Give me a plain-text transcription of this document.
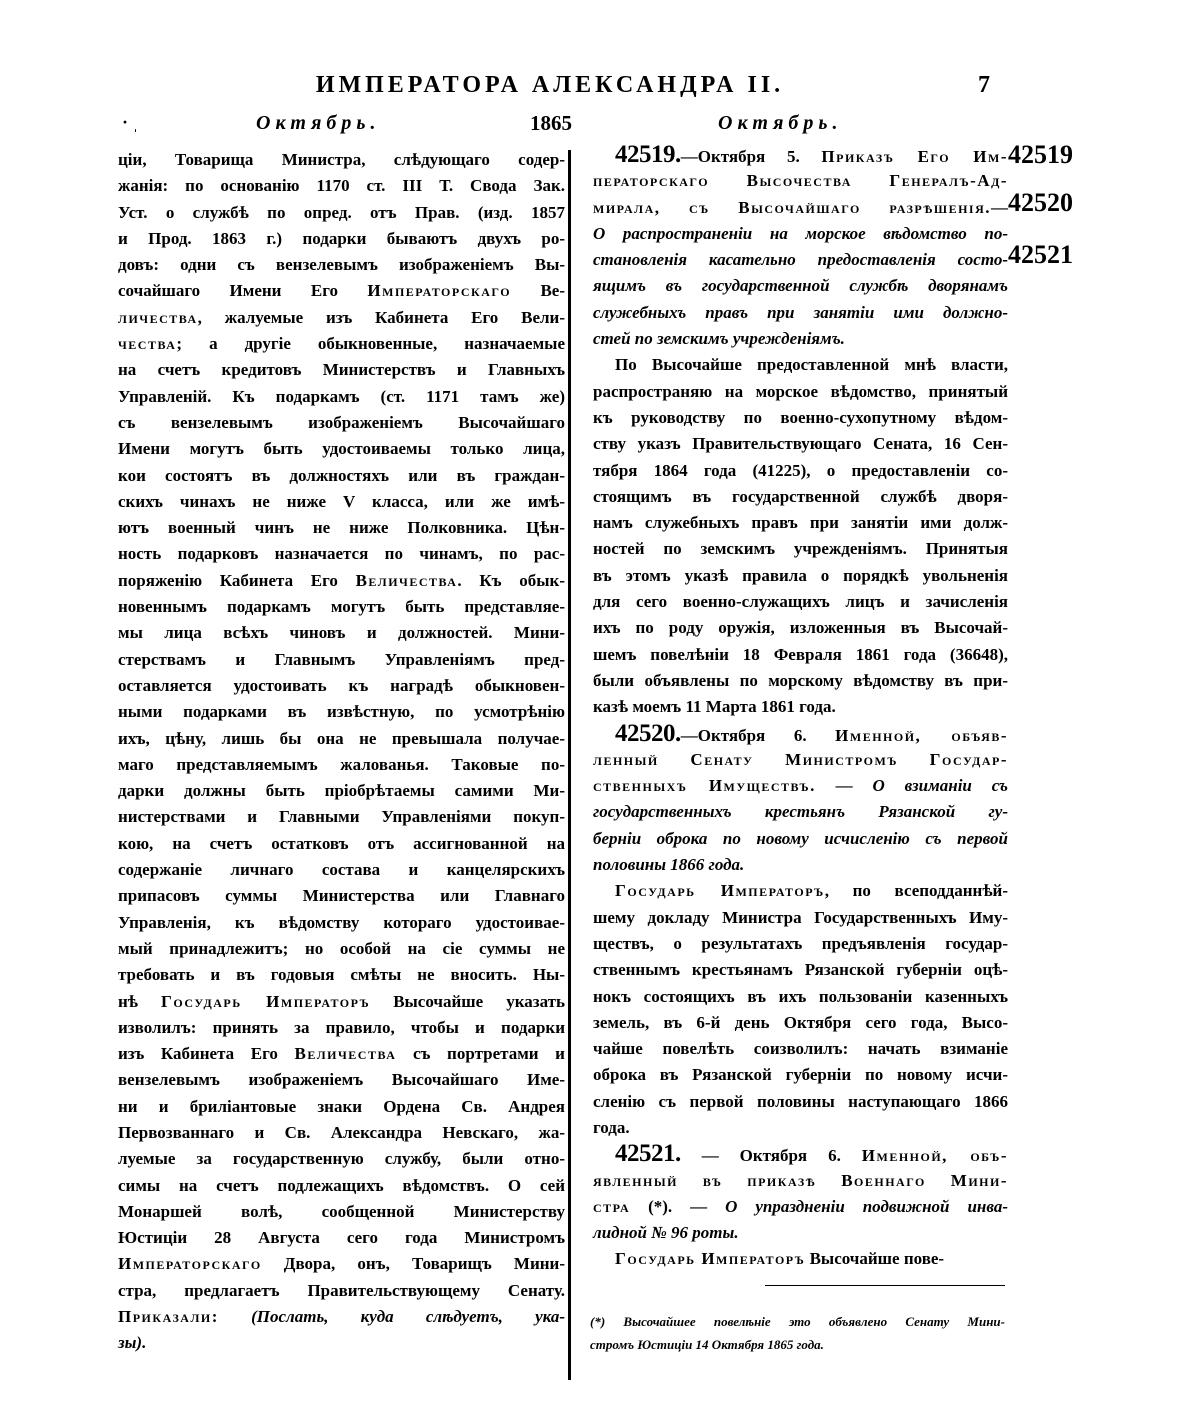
ИМПЕРАТОРА АЛЕКСАНДРА II.	7
· ˌ	Октябрь.	1865	Октябрь.
ціи, Товарища Министра, слѣдующаго содер-
жанія: по основанію 1170 ст. III Т. Свода Зак.
Уст. о службѣ по опред. отъ Прав. (изд. 1857
и Прод. 1863 г.) подарки бываютъ двухъ ро-
довъ: одни съ вензелевымъ изображеніемъ Вы-
сочайшаго Имени Его Императорскаго Ве-
личества, жалуемые изъ Кабинета Его Вели-
чества; а другіе обыкновенные, назначаемые
на счетъ кредитовъ Министерствъ и Главныхъ
Управленій. Къ подаркамъ (ст. 1171 тамъ же)
съ вензелевымъ изображеніемъ Высочайшаго
Имени могутъ быть удостоиваемы только лица,
кои состоятъ въ должностяхъ или въ граждан-
скихъ чинахъ не ниже V класса, или же имѣ-
ютъ военный чинъ не ниже Полковника. Цѣн-
ность подарковъ назначается по чинамъ, по рас-
поряженію Кабинета Его Величества. Къ обык-
новеннымъ подаркамъ могутъ быть представляе-
мы лица всѣхъ чиновъ и должностей. Мини-
стерствамъ и Главнымъ Управленіямъ пред-
оставляется удостоивать къ наградѣ обыкновен-
ными подарками въ извѣстную, по усмотрѣнію
ихъ, цѣну, лишь бы она не превышала получае-
маго представляемымъ жалованья. Таковые по-
дарки должны быть пріобрѣтаемы самими Ми-
нистерствами и Главными Управленіями покуп-
кою, на счетъ остатковъ отъ ассигнованной на
содержаніе личнаго состава и канцелярскихъ
припасовъ суммы Министерства или Главнаго
Управленія, къ вѣдомству котораго удостоивае-
мый принадлежитъ; но особой на сіе суммы не
требовать и въ годовыя смѣты не вносить. Ны-
нѣ Государь Императоръ Высочайше указать
изволилъ: принять за правило, чтобы и подарки
изъ Кабинета Его Величества съ портретами и
вензелевымъ изображеніемъ Высочайшаго Име-
ни и бриліантовые знаки Ордена Св. Андрея
Первозваннаго и Св. Александра Невскаго, жа-
луемые за государственную службу, были отно-
симы на счетъ подлежащихъ вѣдомствъ. О сей
Монаршей волѣ, сообщенной Министерству
Юстиціи 28 Августа сего года Министромъ
Императорскаго Двора, онъ, Товарищъ Мини-
стра, предлагаетъ Правительствующему Сенату.
Приказали: (Послать, куда слѣдуетъ, ука-
зы).
42519.—Октября 5. Приказъ Его Им-
ператорскаго Высочества Генералъ-Ад-
мирала, съ Высочайшаго разрѣшенія.—
О распространеніи на морское вѣдомство по-
становленія касательно предоставленія состо-
ящимъ въ государственной службѣ дворянамъ
служебныхъ правъ при занятіи ими должно-
стей по земскимъ учрежденіямъ.
По Высочайше предоставленной мнѣ власти,
распространяю на морское вѣдомство, принятый
къ руководству по военно-сухопутному вѣдом-
ству указъ Правительствующаго Сената, 16 Сен-
тября 1864 года (41225), о предоставленіи со-
стоящимъ въ государственной службѣ дворя-
намъ служебныхъ правъ при занятіи ими долж-
ностей по земскимъ учрежденіямъ. Принятыя
въ этомъ указѣ правила о порядкѣ увольненія
для сего военно-служащихъ лицъ и зачисленія
ихъ по роду оружія, изложенныя въ Высочай-
шемъ повелѣніи 18 Февраля 1861 года (36648),
были объявлены по морскому вѣдомству въ при-
казѣ моемъ 11 Марта 1861 года.
42520.—Октября 6. Именной, объяв-
ленный Сенату Министромъ Государ-
ственныхъ Имуществъ. — О взиманіи съ
государственныхъ крестьянъ Рязанской гу-
берніи оброка по новому исчисленію съ первой
половины 1866 года.
Государь Императоръ, по всеподданнѣй-
шему докладу Министра Государственныхъ Иму-
ществъ, о результатахъ предъявленія государ-
ственнымъ крестьянамъ Рязанской губерніи оцѣ-
нокъ состоящихъ въ ихъ пользованіи казенныхъ
земель, въ 6-й день Октября сего года, Высо-
чайше повелѣть соизволилъ: начать взиманіе
оброка въ Рязанской губерніи по новому исчи-
сленію съ первой половины наступающаго 1866
года.
42521. — Октября 6. Именной, объ-
явленный въ приказѣ Военнаго Мини-
стра (*). — О упраздненіи подвижной инва-
лидной № 96 роты.
Государь Императоръ Высочайше пове-
42519
42520
42521
(*) Высочайшее повелѣніе это объявлено Сенату Мини-
стромъ Юстиціи 14 Октября 1865 года.
